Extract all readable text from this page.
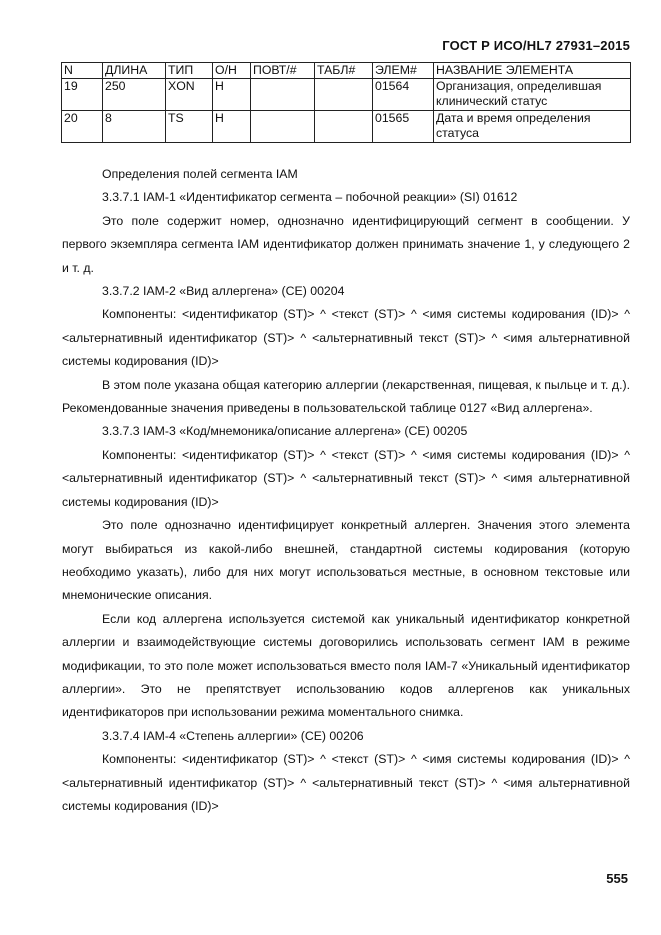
ГОСТ Р ИСО/HL7 27931–2015
N	ДЛИНА	ТИП	О/Н	ПОВТ/#	ТАБЛ#	ЭЛЕМ#	НАЗВАНИЕ ЭЛЕМЕНТА
19	250	XON	Н			01564	Организация, определившая клинический статус
20	8	TS	Н			01565	Дата и время определения статуса

Определения полей сегмента IAM

3.3.7.1 IAM-1 «Идентификатор сегмента – побочной реакции» (SI) 01612

Это поле содержит номер, однозначно идентифицирующий сегмент в сообщении. У первого экземпляра сегмента IAM идентификатор должен принимать значение 1, у следующего 2 и т. д.

3.3.7.2 IAM-2 «Вид аллергена» (CE) 00204

Компоненты: <идентификатор (ST)> ^ <текст (ST)> ^ <имя системы кодирования (ID)> ^ <альтернативный идентификатор (ST)> ^ <альтернативный текст (ST)> ^ <имя альтернативной системы кодирования (ID)>

В этом поле указана общая категорию аллергии (лекарственная, пищевая, к пыльце и т. д.). Рекомендованные значения приведены в пользовательской таблице 0127 «Вид аллергена».

3.3.7.3 IAM-3 «Код/мнемоника/описание аллергена» (CE) 00205

Компоненты: <идентификатор (ST)> ^ <текст (ST)> ^ <имя системы кодирования (ID)> ^ <альтернативный идентификатор (ST)> ^ <альтернативный текст (ST)> ^ <имя альтернативной системы кодирования (ID)>

Это поле однозначно идентифицирует конкретный аллерген. Значения этого элемента могут выбираться из какой-либо внешней, стандартной системы кодирования (которую необходимо указать), либо для них могут использоваться местные, в основном текстовые или мнемонические описания.

Если код аллергена используется системой как уникальный идентификатор конкретной аллергии и взаимодействующие системы договорились использовать сегмент IAM в режиме модификации, то это поле может использоваться вместо поля IAM-7 «Уникальный идентификатор аллергии». Это не препятствует использованию кодов аллергенов как уникальных идентификаторов при использовании режима моментального снимка.

3.3.7.4 IAM-4 «Степень аллергии» (CE) 00206

Компоненты: <идентификатор (ST)> ^ <текст (ST)> ^ <имя системы кодирования (ID)> ^ <альтернативный идентификатор (ST)> ^ <альтернативный текст (ST)> ^ <имя альтернативной системы кодирования (ID)>

555
